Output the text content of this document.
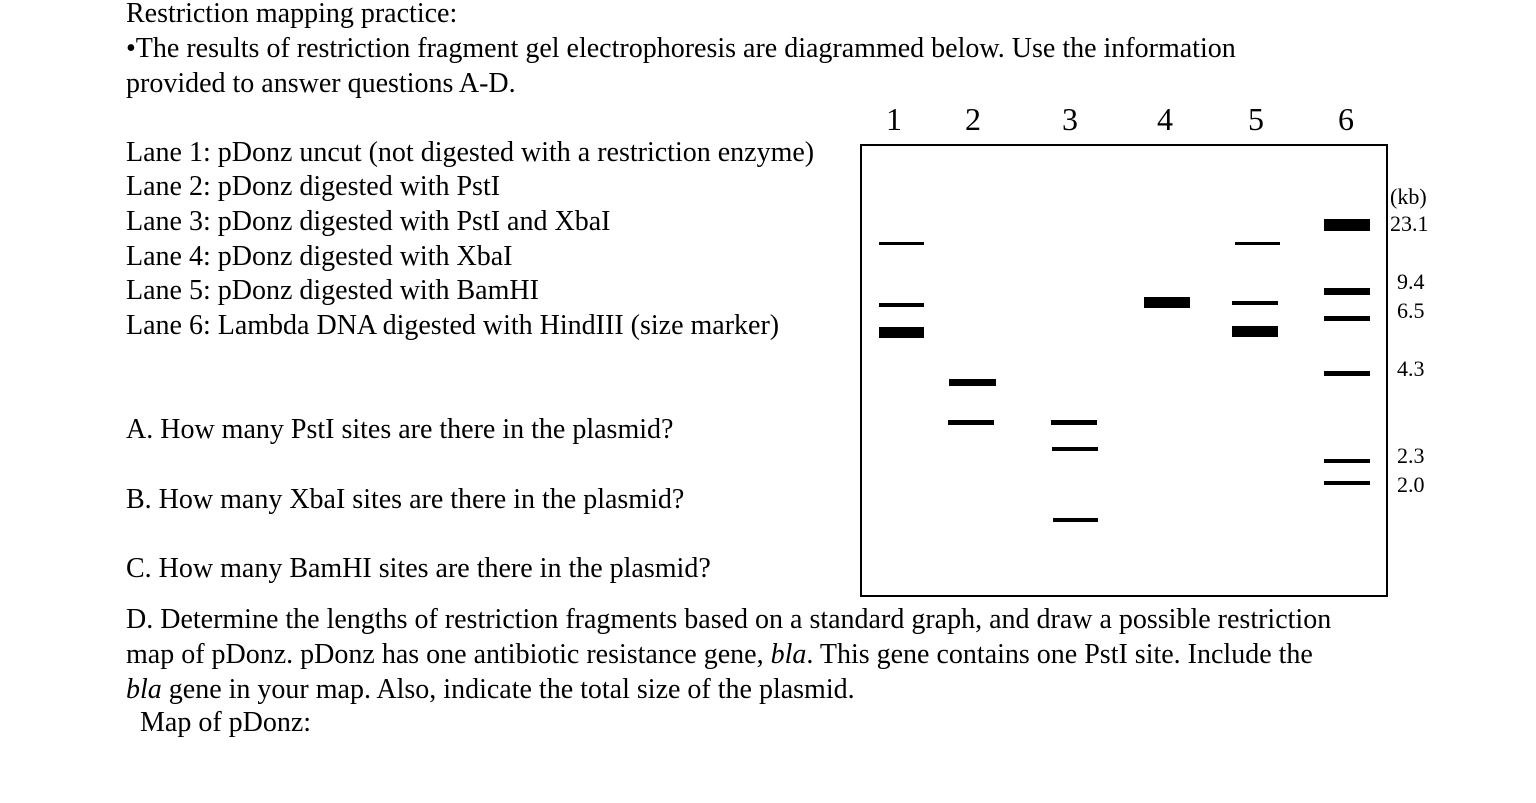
Restriction mapping practice:
•The results of restriction fragment gel electrophoresis are diagrammed below. Use the information
provided to answer questions A-D.
Lane 1: pDonz uncut (not digested with a restriction enzyme)
Lane 2: pDonz digested with PstI
Lane 3: pDonz digested with PstI and XbaI
Lane 4: pDonz digested with XbaI
Lane 5: pDonz digested with BamHI
Lane 6: Lambda DNA digested with HindIII (size marker)
A. How many PstI sites are there in the plasmid?
B. How many XbaI sites are there in the plasmid?
C. How many BamHI sites are there in the plasmid?
D. Determine the lengths of restriction fragments based on a standard graph, and draw a possible restriction
map of pDonz. pDonz has one antibiotic resistance gene, bla. This gene contains one PstI site. Include the
bla gene in your map. Also, indicate the total size of the plasmid.
Map of pDonz:
1	2	3	4	5	6
(kb)
23.1
9.4
6.5
4.3
2.3
2.0
